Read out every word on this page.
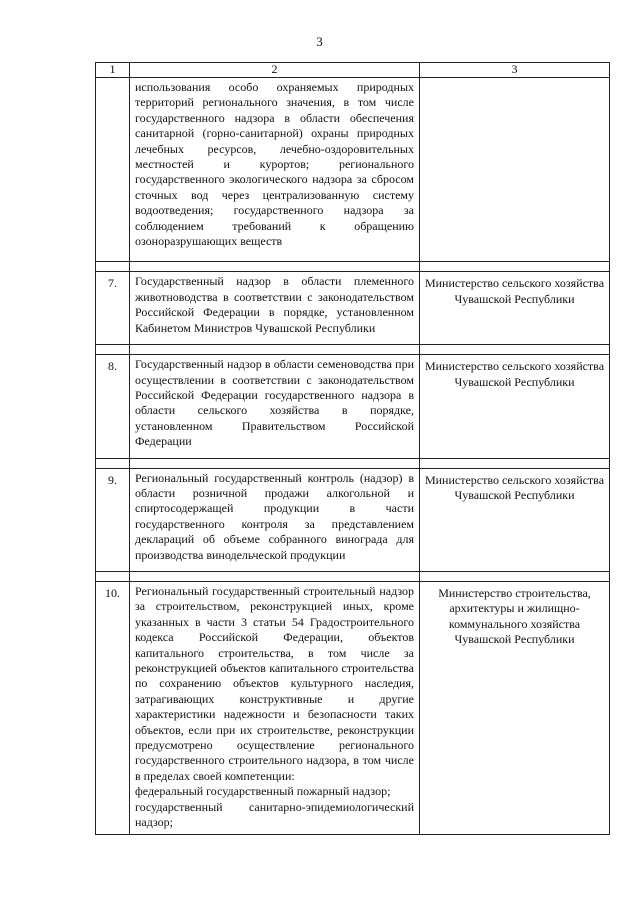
3
1	2	3
	использования особо охраняемых природных территорий регионального значения, в том числе государственного надзора в области обеспечения санитарной (горно-санитарной) охраны природных лечебных ресурсов, лечебно-оздоровительных местностей и курортов; регионального государственного экологического надзора за сбросом сточных вод через централизованную систему водоотведения; государственного надзора за соблюдением требований к обращению озоноразрушающих веществ	

7.	Государственный надзор в области племенного животноводства в соответствии с законодательством Российской Федерации в порядке, установленном Кабинетом Министров Чувашской Республики	Министерство сельского хозяйства Чувашской Республики

8.	Государственный надзор в области семеноводства при осуществлении в соответствии с законодательством Российской Федерации государственного надзора в области сельского хозяйства в порядке, установленном Правительством Российской Федерации	Министерство сельского хозяйства Чувашской Республики

9.	Региональный государственный контроль (надзор) в области розничной продажи алкогольной и спиртосодержащей продукции в части государственного контроля за представлением деклараций об объеме собранного винограда для производства винодельческой продукции	Министерство сельского хозяйства Чувашской Республики

10.	Региональный государственный строительный надзор за строительством, реконструкцией иных, кроме указанных в части 3 статьи 54 Градостроительного кодекса Российской Федерации, объектов капитального строительства, в том числе за реконструкцией объектов капитального строительства по сохранению объектов культурного наследия, затрагивающих конструктивные и другие характеристики надежности и безопасности таких объектов, если при их строительстве, реконструкции предусмотрено осуществление регионального государственного строительного надзора, в том числе в пределах своей компетенции:
федеральный государственный пожарный надзор;
государственный санитарно-эпидемиологический надзор;	Министерство строительства, архитектуры и жилищно-коммунального хозяйства Чувашской Республики
